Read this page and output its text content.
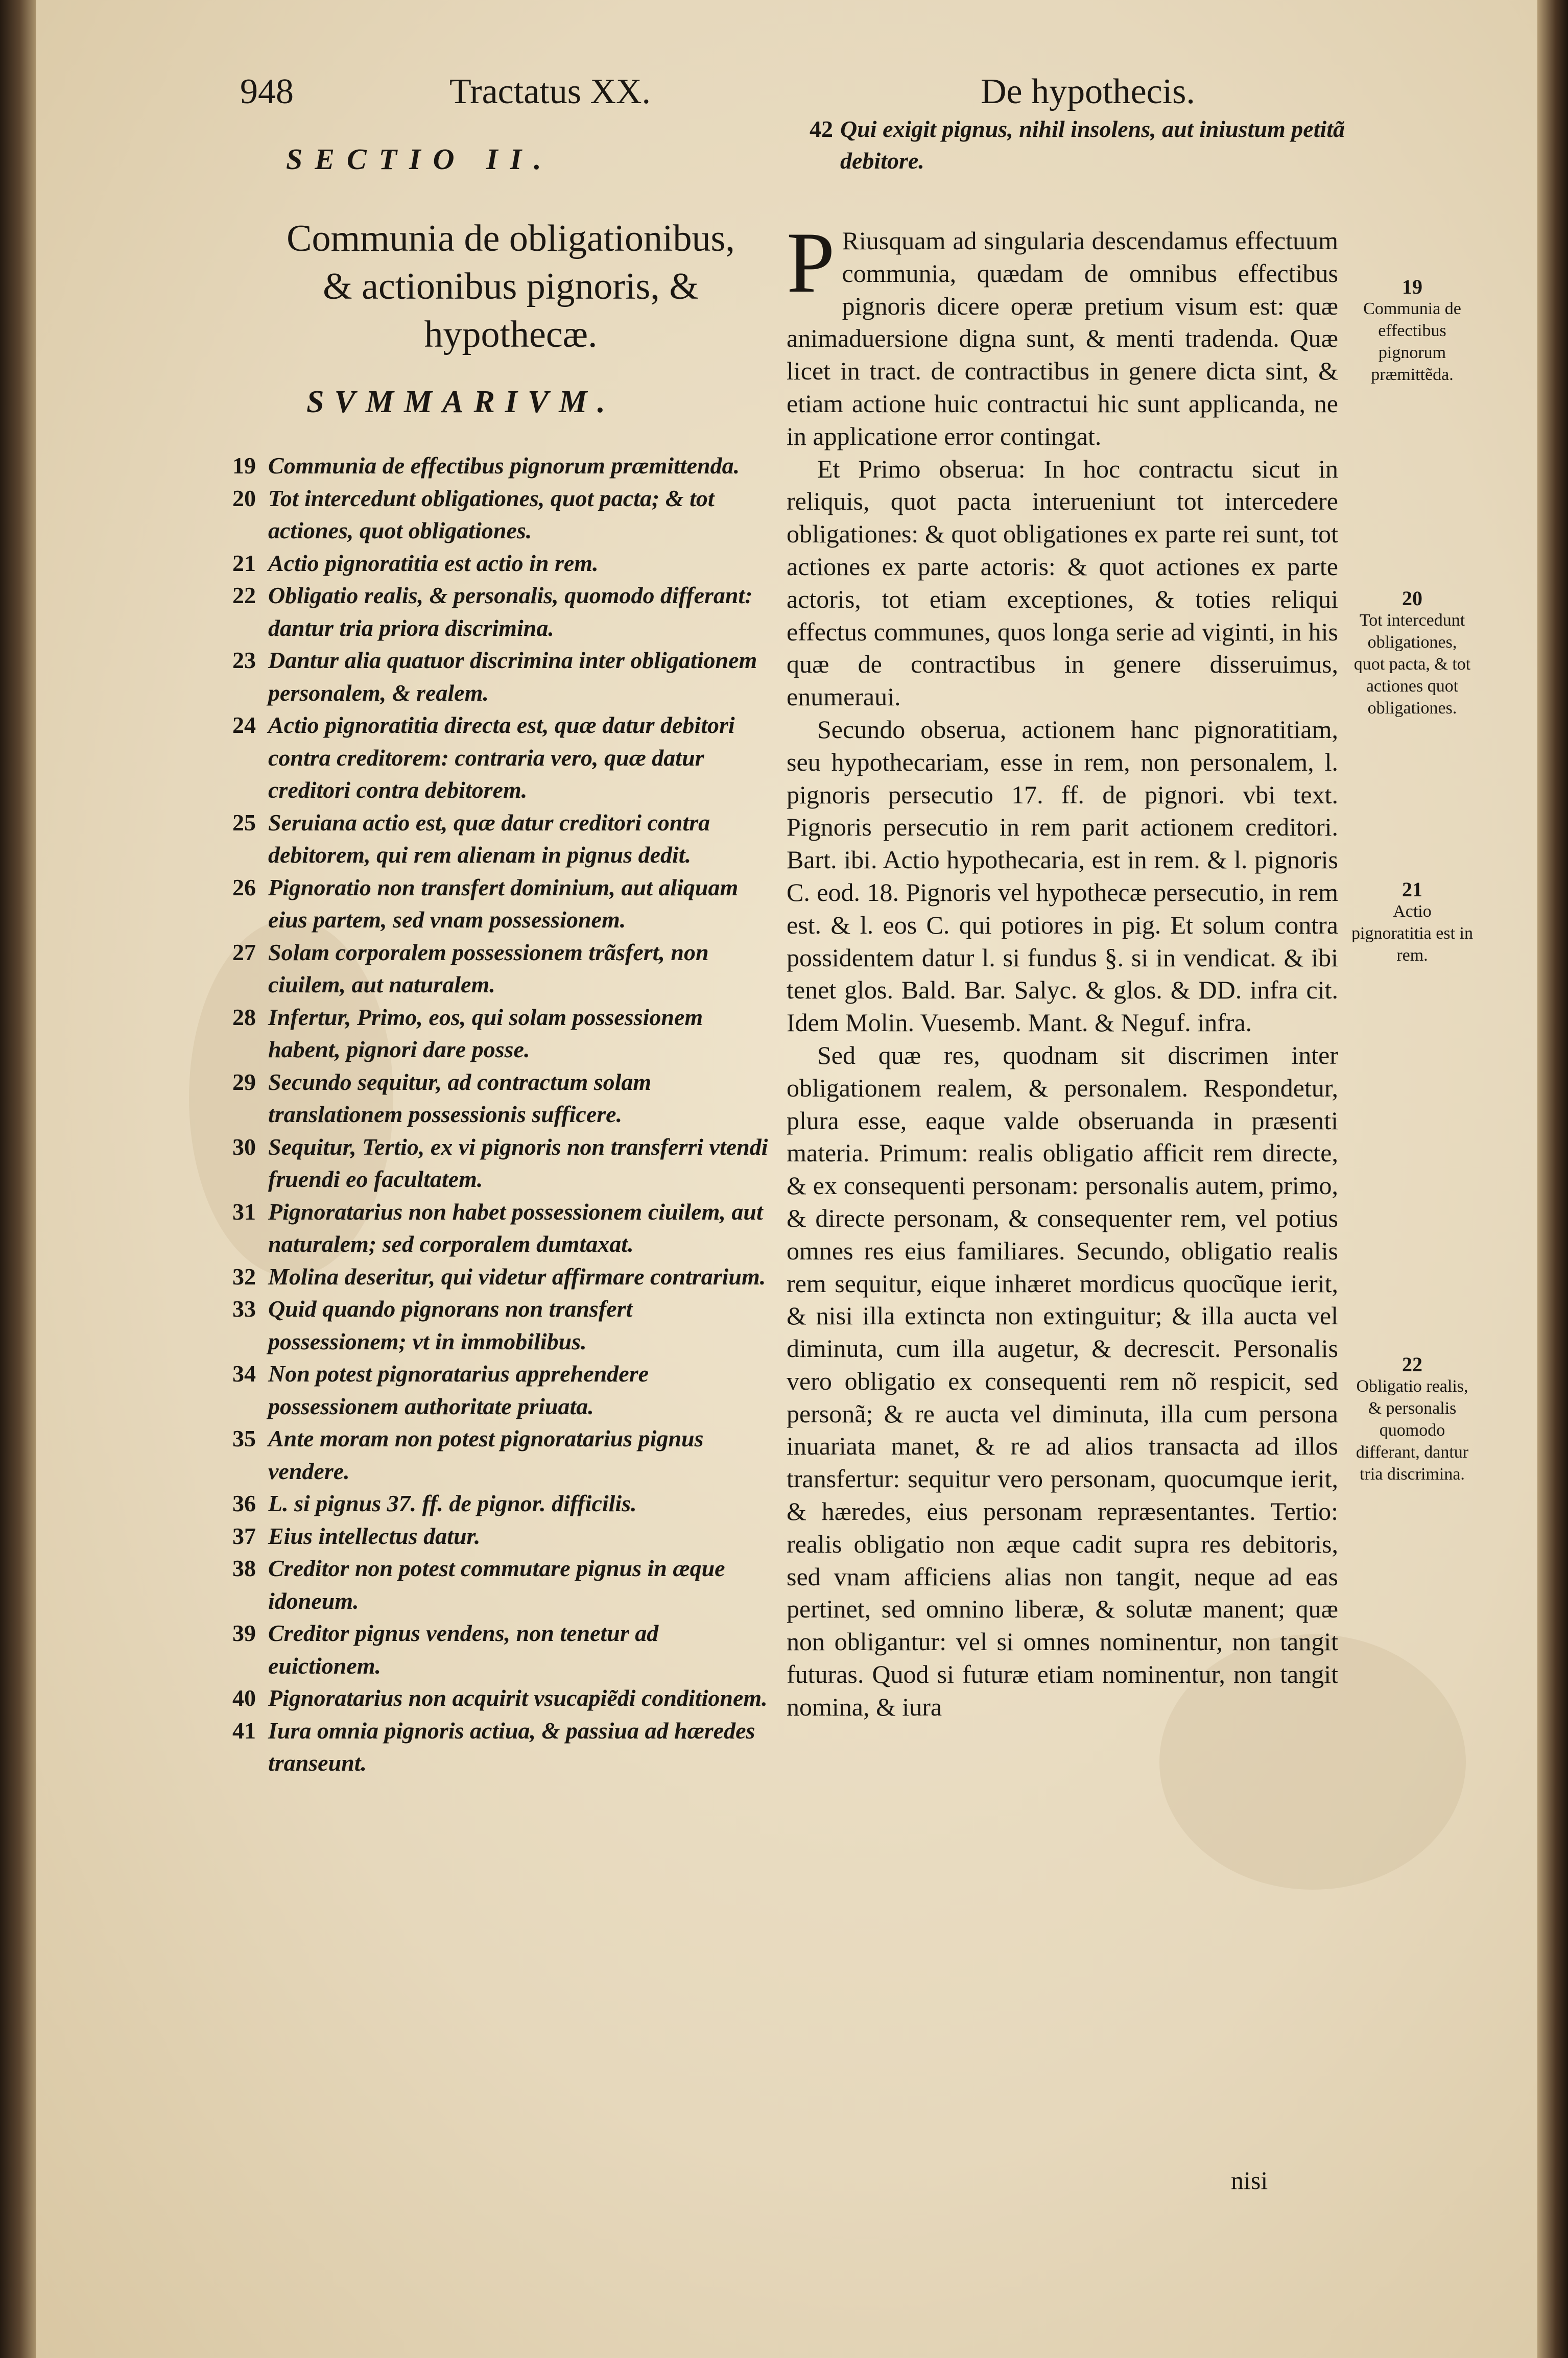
948	Tractatus XX.	De hypothecis.
SECTIO II.
Communia de obligationibus,
& actionibus pignoris, &
hypothecæ.
SVMMARIVM.
19 Communia de effectibus pignorum præmittenda.
20 Tot intercedunt obligationes, quot pacta; & tot actiones, quot obligationes.
21 Actio pignoratitia est actio in rem.
22 Obligatio realis, & personalis, quomodo differant: dantur tria priora discrimina.
23 Dantur alia quatuor discrimina inter obligationem personalem, & realem.
24 Actio pignoratitia directa est, quæ datur debitori contra creditorem: contraria vero, quæ datur creditori contra debitorem.
25 Seruiana actio est, quæ datur creditori contra debitorem, qui rem alienam in pignus dedit.
26 Pignoratio non transfert dominium, aut aliquam eius partem, sed vnam possessionem.
27 Solam corporalem possessionem trãsfert, non ciuilem, aut naturalem.
28 Infertur, Primo, eos, qui solam possessionem habent, pignori dare posse.
29 Secundo sequitur, ad contractum solam translationem possessionis sufficere.
30 Sequitur, Tertio, ex vi pignoris non transferri vtendi fruendi eo facultatem.
31 Pignoratarius non habet possessionem ciuilem, aut naturalem; sed corporalem dumtaxat.
32 Molina deseritur, qui videtur affirmare contrarium.
33 Quid quando pignorans non transfert possessionem; vt in immobilibus.
34 Non potest pignoratarius apprehendere possessionem authoritate priuata.
35 Ante moram non potest pignoratarius pignus vendere.
36 L. si pignus 37. ff. de pignor. difficilis.
37 Eius intellectus datur.
38 Creditor non potest commutare pignus in æque idoneum.
39 Creditor pignus vendens, non tenetur ad euictionem.
40 Pignoratarius non acquirit vsucapiẽdi conditionem.
41 Iura omnia pignoris actiua, & passiua ad hæredes transeunt.
42 Qui exigit pignus, nihil insolens, aut iniustum petitã debitore.

PRiusquam ad singularia descendamus effectuum communia, quædam de omnibus effectibus pignoris dicere operæ pretium visum est: quæ animaduersione digna sunt, & menti tradenda. Quæ licet in tract. de contractibus in genere dicta sint, & etiam actione huic contractui hic sunt applicanda, ne in applicatione error contingat.

Et Primo obserua: In hoc contractu sicut in reliquis, quot pacta interueniunt tot intercedere obligationes: & quot obligationes ex parte rei sunt, tot actiones ex parte actoris: & quot actiones ex parte actoris, tot etiam exceptiones, & toties reliqui effectus communes, quos longa serie ad viginti, in his quæ de contractibus in genere disseruimus, enumeraui.

Secundo obserua, actionem hanc pignoratitiam, seu hypothecariam, esse in rem, non personalem, l. pignoris persecutio 17. ff. de pignori. vbi text. Pignoris persecutio in rem parit actionem creditori. Bart. ibi. Actio hypothecaria, est in rem. & l. pignoris C. eod. 18. Pignoris vel hypothecæ persecutio, in rem est. & l. eos C. qui potiores in pig. Et solum contra possidentem datur l. si fundus §. si in vendicat. & ibi tenet glos. Bald. Bar. Salyc. & glos. & DD. infra cit. Idem Molin. Vuesemb. Mant. & Neguf. infra.

Sed quæ res, quodnam sit discrimen inter obligationem realem, & personalem. Respondetur, plura esse, eaque valde obseruanda in præsenti materia. Primum: realis obligatio afficit rem directe, & ex consequenti personam: personalis autem, primo, & directe personam, & consequenter rem, vel potius omnes res eius familiares. Secundo, obligatio realis rem sequitur, eique inhæret mordicus quocũque ierit, & nisi illa extincta non extinguitur; & illa aucta vel diminuta, cum illa augetur, & decrescit. Personalis vero obligatio ex consequenti rem nõ respicit, sed personã; & re aucta vel diminuta, illa cum persona inuariata manet, & re ad alios transacta ad illos transfertur: sequitur vero personam, quocumque ierit, & hæredes, eius personam repræsentantes. Tertio: realis obligatio non æque cadit supra res debitoris, sed vnam afficiens alias non tangit, neque ad eas pertinet, sed omnino liberæ, & solutæ manent; quæ non obligantur: vel si omnes nominentur, non tangit futuras. Quod si futuræ etiam nominentur, non tangit nomina, & iura

nisi
19
Communia de effectibus pignorum præmittẽda.
20
Tot intercedunt obligationes, quot pacta, & tot actiones quot obligationes.
21
Actio pignoratitia est in rem.
22
Obligatio realis, & personalis quomodo differant, dantur tria discrimina.
